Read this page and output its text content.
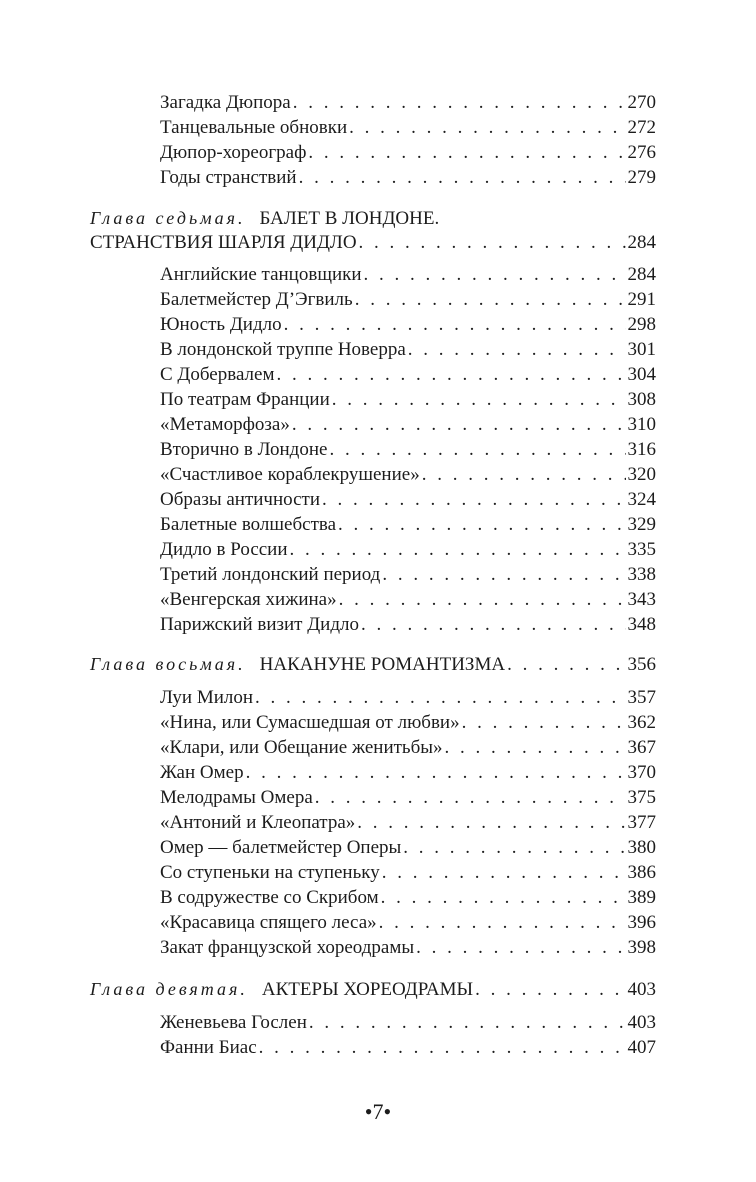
Загадка Дюпора . . .	270
Танцевальные обновки . . .	272
Дюпор-хореограф . . .	276
Годы странствий . . .	279
Глава седьмая. БАЛЕТ В ЛОНДОНЕ.
СТРАНСТВИЯ ШАРЛЯ ДИДЛО . . .	284
Английские танцовщики . . .	284
Балетмейстер Д’Эгвиль . . .	291
Юность Дидло . . .	298
В лондонской труппе Новерра . . .	301
С Добервалем . . .	304
По театрам Франции . . .	308
«Метаморфоза» . . .	310
Вторично в Лондоне . . .	316
«Счастливое кораблекрушение» . . .	320
Образы античности . . .	324
Балетные волшебства . . .	329
Дидло в России . . .	335
Третий лондонский период . . .	338
«Венгерская хижина» . . .	343
Парижский визит Дидло . . .	348
Глава восьмая. НАКАНУНЕ РОМАНТИЗМА . . .	356
Луи Милон . . .	357
«Нина, или Сумасшедшая от любви» . . .	362
«Клари, или Обещание женитьбы» . . .	367
Жан Омер . . .	370
Мелодрамы Омера . . .	375
«Антоний и Клеопатра» . . .	377
Омер — балетмейстер Оперы . . .	380
Со ступеньки на ступеньку . . .	386
В содружестве со Скрибом . . .	389
«Красавица спящего леса» . . .	396
Закат французской хореодрамы . . .	398
Глава девятая. АКТЕРЫ ХОРЕОДРАМЫ . . .	403
Женевьева Гослен . . .	403
Фанни Биас . . .	407
•7•
